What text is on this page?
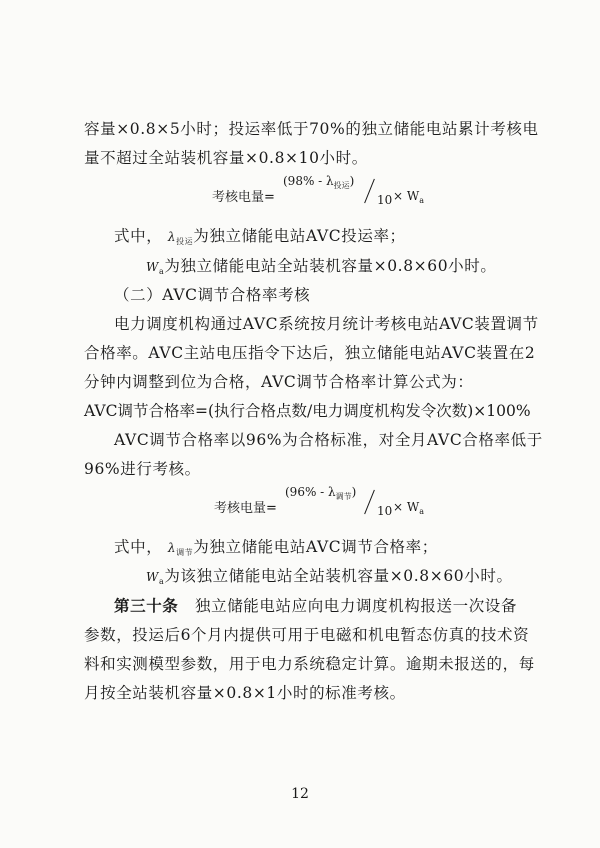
容量×0.8×5小时；投运率低于70%的独立储能电站累计考核电
量不超过全站装机容量×0.8×10小时。
考核电量=
$(98\% - \lambda_{投运})$
$10 \times W_a$
式中， $\lambda_{投运}$为独立储能电站AVC投运率；
$W_a$为独立储能电站全站装机容量×0.8×60小时。
（二）AVC调节合格率考核
电力调度机构通过AVC系统按月统计考核电站AVC装置调节
合格率。AVC主站电压指令下达后，独立储能电站AVC装置在2
分钟内调整到位为合格，AVC调节合格率计算公式为：
AVC调节合格率=(执行合格点数/电力调度机构发令次数)×100%
AVC调节合格率以96%为合格标准，对全月AVC合格率低于
96%进行考核。
考核电量=
$(96\% - \lambda_{调节})$
$10 \times W_a$
式中， $\lambda_{调节}$为独立储能电站AVC调节合格率；
$W_a$为该独立储能电站全站装机容量×0.8×60小时。
第三十条 独立储能电站应向电力调度机构报送一次设备
参数，投运后6个月内提供可用于电磁和机电暂态仿真的技术资
料和实测模型参数，用于电力系统稳定计算。逾期未报送的，每
月按全站装机容量×0.8×1小时的标准考核。
12
